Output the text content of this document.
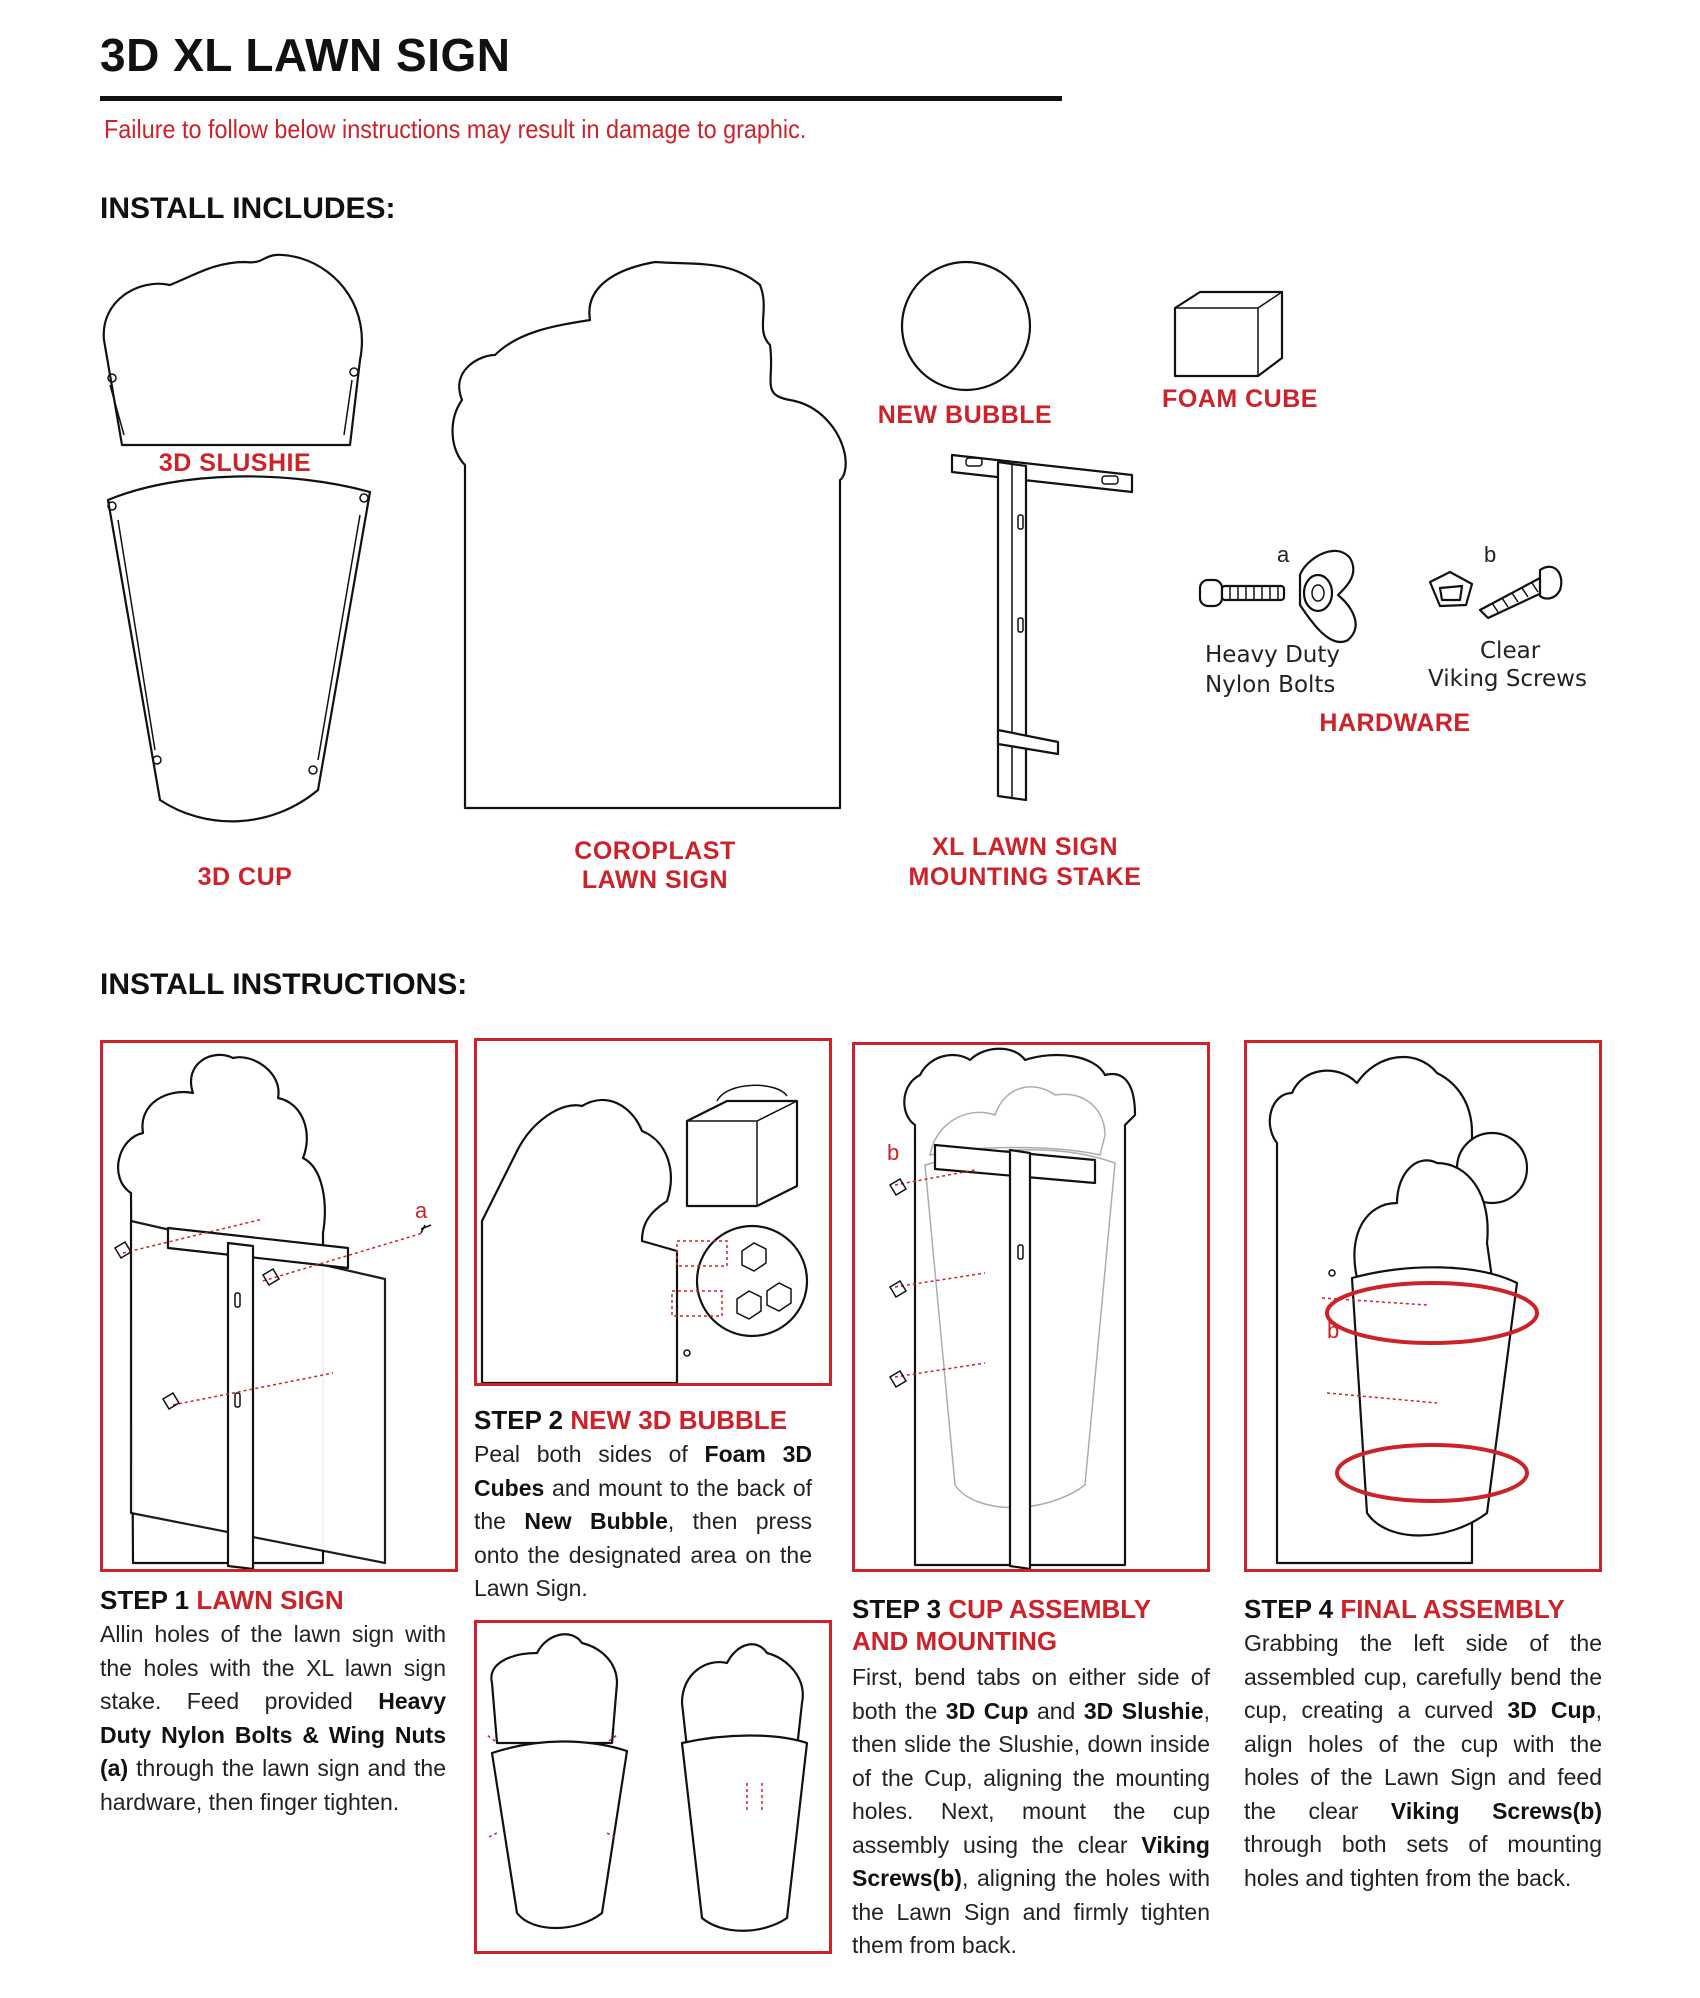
3D XL LAWN SIGN
Failure to follow below instructions may result in damage to graphic.
INSTALL INCLUDES:
3D SLUSHIE
3D CUP
COROPLAST
LAWN SIGN
NEW BUBBLE
FOAM CUBE
XL LAWN SIGN
MOUNTING STAKE
HARDWARE
a	b
Heavy Duty
Nylon Bolts
Clear
Viking Screws
INSTALL INSTRUCTIONS:
a
STEP 1 LAWN SIGN
Allin holes of the lawn sign with the holes with the XL lawn sign stake. Feed provided Heavy Duty Nylon Bolts & Wing Nuts (a) through the lawn sign and the hardware, then finger tighten.
STEP 2 NEW 3D BUBBLE
Peal both sides of Foam 3D Cubes and mount to the back of the New Bubble, then press onto the designated area on the Lawn Sign.
b
STEP 3 CUP ASSEMBLY AND MOUNTING
First, bend tabs on either side of both the 3D Cup and 3D Slushie, then slide the Slushie, down inside of the Cup, aligning the mounting holes. Next, mount the cup assembly using the clear Viking Screws(b), aligning the holes with the Lawn Sign and firmly tighten them from back.
b
STEP 4 FINAL ASSEMBLY
Grabbing the left side of the assembled cup, carefully bend the cup, creating a curved 3D Cup, align holes of the cup with the holes of the Lawn Sign and feed the clear Viking Screws(b) through both sets of mounting holes and tighten from the back.
